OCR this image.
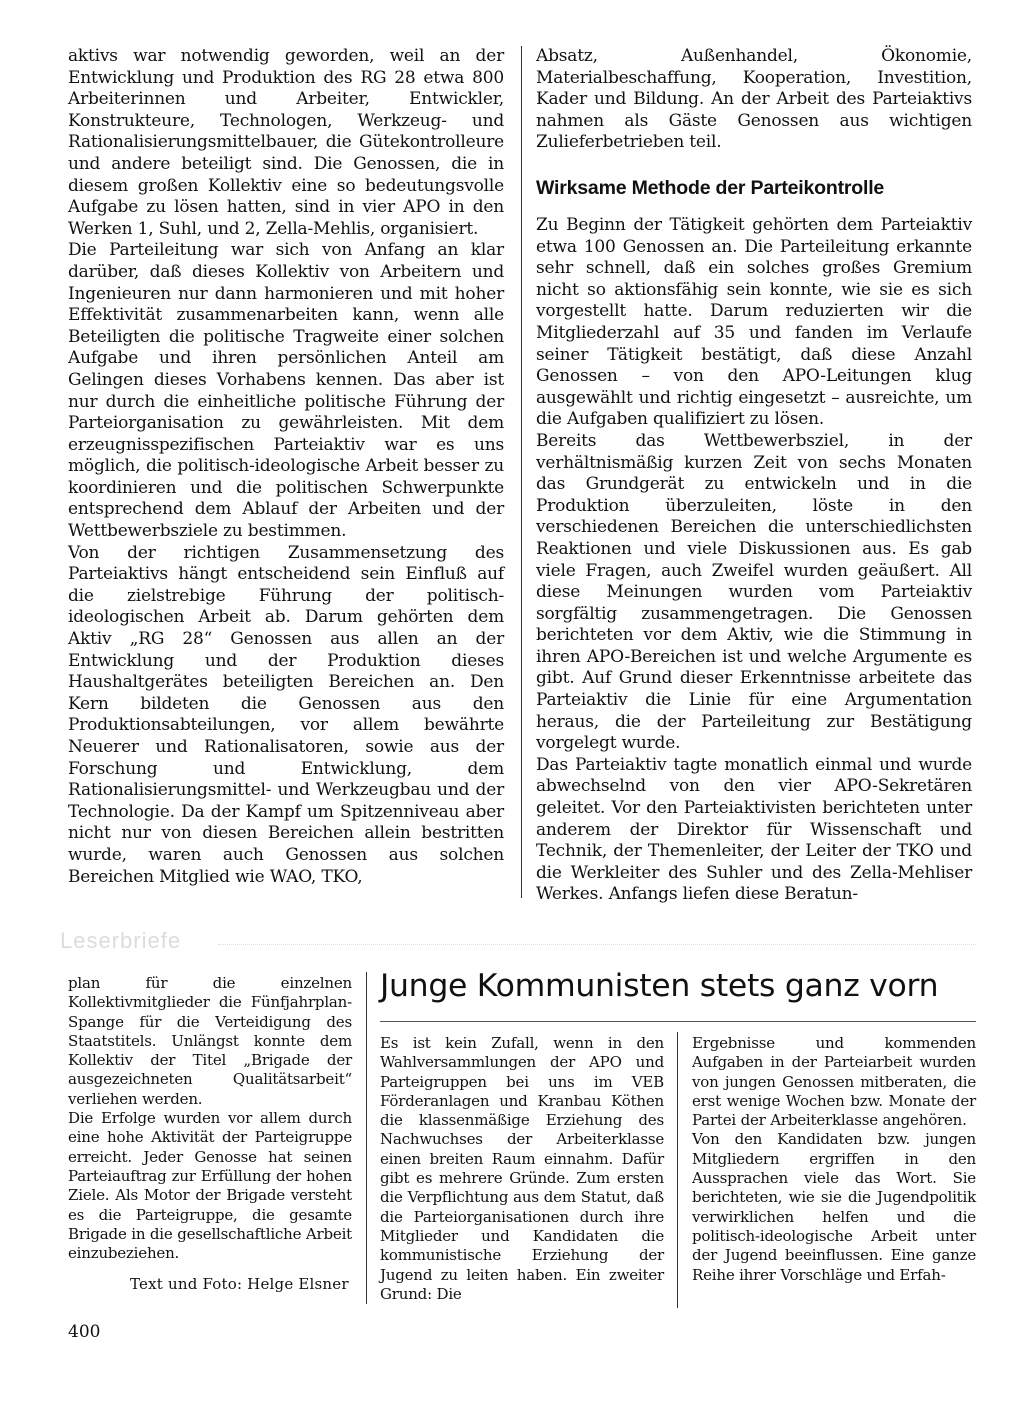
aktivs war notwendig geworden, weil an der Entwicklung und Produktion des RG 28 etwa 800 Arbeiterinnen und Arbeiter, Entwickler, Konstrukteure, Technologen, Werkzeug- und Rationalisierungsmittelbauer, die Gütekontrolleure und andere beteiligt sind. Die Genossen, die in diesem großen Kollektiv eine so bedeutungsvolle Aufgabe zu lösen hatten, sind in vier APO in den Werken 1, Suhl, und 2, Zella-Mehlis, organisiert.

Die Parteileitung war sich von Anfang an klar darüber, daß dieses Kollektiv von Arbeitern und Ingenieuren nur dann harmonieren und mit hoher Effektivität zusammenarbeiten kann, wenn alle Beteiligten die politische Tragweite einer solchen Aufgabe und ihren persönlichen Anteil am Gelingen dieses Vorhabens kennen. Das aber ist nur durch die einheitliche politische Führung der Parteiorganisation zu gewährleisten. Mit dem erzeugnisspezifischen Parteiaktiv war es uns möglich, die politisch-ideologische Arbeit besser zu koordinieren und die politischen Schwerpunkte entsprechend dem Ablauf der Arbeiten und der Wettbewerbsziele zu bestimmen.

Von der richtigen Zusammensetzung des Parteiaktivs hängt entscheidend sein Einfluß auf die zielstrebige Führung der politisch-ideologischen Arbeit ab. Darum gehörten dem Aktiv „RG 28“ Genossen aus allen an der Entwicklung und der Produktion dieses Haushaltgerätes beteiligten Bereichen an. Den Kern bildeten die Genossen aus den Produktionsabteilungen, vor allem bewährte Neuerer und Rationalisatoren, sowie aus der Forschung und Entwicklung, dem Rationalisierungsmittel- und Werkzeugbau und der Technologie. Da der Kampf um Spitzenniveau aber nicht nur von diesen Bereichen allein bestritten wurde, waren auch Genossen aus solchen Bereichen Mitglied wie WAO, TKO,

Absatz, Außenhandel, Ökonomie, Materialbeschaffung, Kooperation, Investition, Kader und Bildung. An der Arbeit des Parteiaktivs nahmen als Gäste Genossen aus wichtigen Zulieferbetrieben teil.

Wirksame Methode der Parteikontrolle

Zu Beginn der Tätigkeit gehörten dem Parteiaktiv etwa 100 Genossen an. Die Parteileitung erkannte sehr schnell, daß ein solches großes Gremium nicht so aktionsfähig sein konnte, wie sie es sich vorgestellt hatte. Darum reduzierten wir die Mitgliederzahl auf 35 und fanden im Verlaufe seiner Tätigkeit bestätigt, daß diese Anzahl Genossen – von den APO-Leitungen klug ausgewählt und richtig eingesetzt – ausreichte, um die Aufgaben qualifiziert zu lösen.

Bereits das Wettbewerbsziel, in der verhältnismäßig kurzen Zeit von sechs Monaten das Grundgerät zu entwickeln und in die Produktion überzuleiten, löste in den verschiedenen Bereichen die unterschiedlichsten Reaktionen und viele Diskussionen aus. Es gab viele Fragen, auch Zweifel wurden geäußert. All diese Meinungen wurden vom Parteiaktiv sorgfältig zusammengetragen. Die Genossen berichteten vor dem Aktiv, wie die Stimmung in ihren APO-Bereichen ist und welche Argumente es gibt. Auf Grund dieser Erkenntnisse arbeitete das Parteiaktiv die Linie für eine Argumentation heraus, die der Parteileitung zur Bestätigung vorgelegt wurde.

Das Parteiaktiv tagte monatlich einmal und wurde abwechselnd von den vier APO-Sekretären geleitet. Vor den Parteiaktivisten berichteten unter anderem der Direktor für Wissenschaft und Technik, der Themenleiter, der Leiter der TKO und die Werkleiter des Suhler und des Zella-Mehliser Werkes. Anfangs liefen diese Beratun-

Leserbriefe

plan für die einzelnen Kollektivmitglieder die Fünfjahrplan-Spange für die Verteidigung des Staatstitels. Unlängst konnte dem Kollektiv der Titel „Brigade der ausgezeichneten Qualitätsarbeit“ verliehen werden.

Die Erfolge wurden vor allem durch eine hohe Aktivität der Parteigruppe erreicht. Jeder Genosse hat seinen Parteiauftrag zur Erfüllung der hohen Ziele. Als Motor der Brigade versteht es die Parteigruppe, die gesamte Brigade in die gesellschaftliche Arbeit einzubeziehen.

Text und Foto: Helge Elsner

Junge Kommunisten stets ganz vorn

Es ist kein Zufall, wenn in den Wahlversammlungen der APO und Parteigruppen bei uns im VEB Förderanlagen und Kranbau Köthen die klassenmäßige Erziehung des Nachwuchses der Arbeiterklasse einen breiten Raum einnahm. Dafür gibt es mehrere Gründe. Zum ersten die Verpflichtung aus dem Statut, daß die Parteiorganisationen durch ihre Mitglieder und Kandidaten die kommunistische Erziehung der Jugend zu leiten haben. Ein zweiter Grund: Die

Ergebnisse und kommenden Aufgaben in der Parteiarbeit wurden von jungen Genossen mitberaten, die erst wenige Wochen bzw. Monate der Partei der Arbeiterklasse angehören.

Von den Kandidaten bzw. jungen Mitgliedern ergriffen in den Aussprachen viele das Wort. Sie berichteten, wie sie die Jugendpolitik verwirklichen helfen und die politisch-ideologische Arbeit unter der Jugend beeinflussen. Eine ganze Reihe ihrer Vorschläge und Erfah-

400
